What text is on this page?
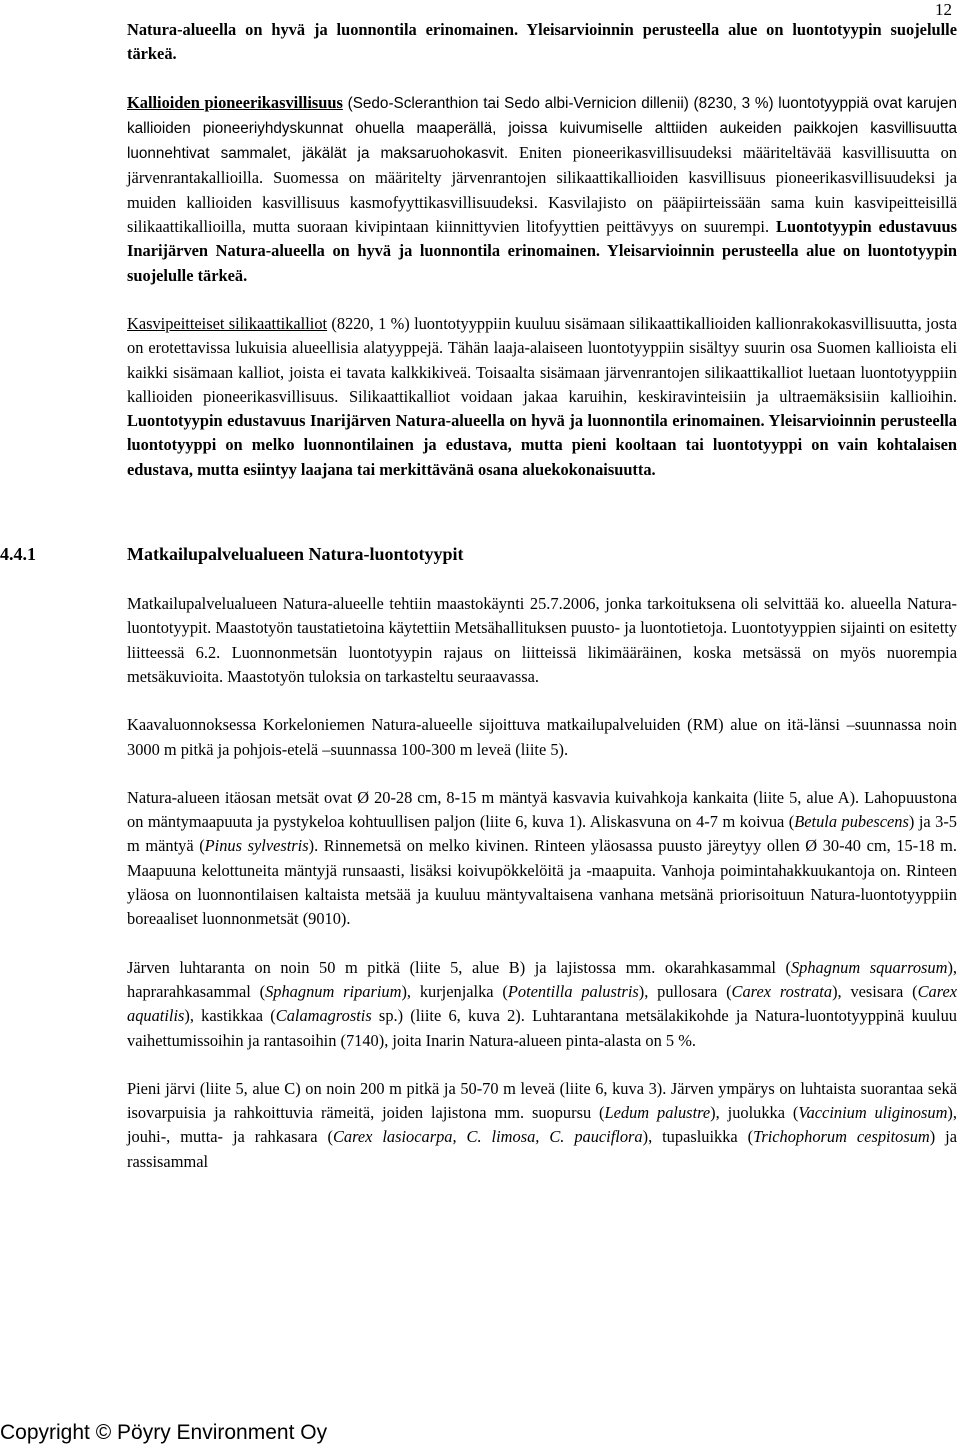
12

Natura-alueella on hyvä ja luonnontila erinomainen. Yleisarvioinnin perusteella alue on luontotyypin suojelulle tärkeä.

Kallioiden pioneerikasvillisuus (Sedo-Scleranthion tai Sedo albi-Vernicion dillenii) (8230, 3 %) luontotyyppiä ovat karujen kallioiden pioneeriyhdyskunnat ohuella maaperällä, joissa kuivumiselle alttiiden aukeiden paikkojen kasvillisuutta luonnehtivat sammalet, jäkälät ja maksaruohokasvit. Eniten pioneerikasvillisuudeksi määriteltävää kasvillisuutta on järvenrantakallioilla. Suomessa on määritelty järvenrantojen silikaattikallioiden kasvillisuus pioneerikasvillisuudeksi ja muiden kallioiden kasvillisuus kasmofyyttikasvillisuudeksi. Kasvilajisto on pääpiirteissään sama kuin kasvipeitteisillä silikaattikallioilla, mutta suoraan kivipintaan kiinnittyvien litofyyttien peittävyys on suurempi. Luontotyypin edustavuus Inarijärven Natura-alueella on hyvä ja luonnontila erinomainen. Yleisarvioinnin perusteella alue on luontotyypin suojelulle tärkeä.

Kasvipeitteiset silikaattikalliot (8220, 1 %) luontotyyppiin kuuluu sisämaan silikaattikallioiden kallionrakokasvillisuutta, josta on erotettavissa lukuisia alueellisia alatyyppejä. Tähän laaja-alaiseen luontotyyppiin sisältyy suurin osa Suomen kallioista eli kaikki sisämaan kalliot, joista ei tavata kalkkikiveä. Toisaalta sisämaan järvenrantojen silikaattikalliot luetaan luontotyyppiin kallioiden pioneerikasvillisuus. Silikaattikalliot voidaan jakaa karuihin, keskiravinteisiin ja ultraemäksisiin kallioihin. Luontotyypin edustavuus Inarijärven Natura-alueella on hyvä ja luonnontila erinomainen. Yleisarvioinnin perusteella luontotyyppi on melko luonnontilainen ja edustava, mutta pieni kooltaan tai luontotyyppi on vain kohtalaisen edustava, mutta esiintyy laajana tai merkittävänä osana aluekokonaisuutta.

4.4.1	Matkailupalvelualueen Natura-luontotyypit

Matkailupalvelualueen Natura-alueelle tehtiin maastokäynti 25.7.2006, jonka tarkoituksena oli selvittää ko. alueella Natura-luontotyypit. Maastotyön taustatietoina käytettiin Metsähallituksen puusto- ja luontotietoja. Luontotyyppien sijainti on esitetty liitteessä 6.2. Luonnonmetsän luontotyypin rajaus on liitteissä likimääräinen, koska metsässä on myös nuorempia metsäkuvioita. Maastotyön tuloksia on tarkasteltu seuraavassa.

Kaavaluonnoksessa Korkeloniemen Natura-alueelle sijoittuva matkailupalveluiden (RM) alue on itä-länsi –suunnassa noin 3000 m pitkä ja pohjois-etelä –suunnassa 100-300 m leveä (liite 5).

Natura-alueen itäosan metsät ovat Ø 20-28 cm, 8-15 m mäntyä kasvavia kuivahkoja kankaita (liite 5, alue A). Lahopuustona on mäntymaapuuta ja pystykeloa kohtuullisen paljon (liite 6, kuva 1). Aliskasvuna on 4-7 m koivua (Betula pubescens) ja 3-5 m mäntyä (Pinus sylvestris). Rinnemetsä on melko kivinen. Rinteen yläosassa puusto järeytyy ollen Ø 30-40 cm, 15-18 m. Maapuuna kelottuneita mäntyjä runsaasti, lisäksi koivupökkelöitä ja -maapuita. Vanhoja poimintahakkuukantoja on. Rinteen yläosa on luonnontilaisen kaltaista metsää ja kuuluu mäntyvaltaisena vanhana metsänä priorisoituun Natura-luontotyyppiin boreaaliset luonnonmetsät (9010).

Järven luhtaranta on noin 50 m pitkä (liite 5, alue B) ja lajistossa mm. okarahkasammal (Sphagnum squarrosum), haprarahkasammal (Sphagnum riparium), kurjenjalka (Potentilla palustris), pullosara (Carex rostrata), vesisara (Carex aquatilis), kastikkaa (Calamagrostis sp.) (liite 6, kuva 2). Luhtarantana metsälakikohde ja Natura-luontotyyppinä kuuluu vaihettumissoihin ja rantasoihin (7140), joita Inarin Natura-alueen pinta-alasta on 5 %.

Pieni järvi (liite 5, alue C) on noin 200 m pitkä ja 50-70 m leveä (liite 6, kuva 3). Järven ympärys on luhtaista suorantaa sekä isovarpuisia ja rahkoittuvia rämeitä, joiden lajistona mm. suopursu (Ledum palustre), juolukka (Vaccinium uliginosum), jouhi-, mutta- ja rahkasara (Carex lasiocarpa, C. limosa, C. pauciflora), tupasluikka (Trichophorum cespitosum) ja rassisammal

Copyright © Pöyry Environment Oy
